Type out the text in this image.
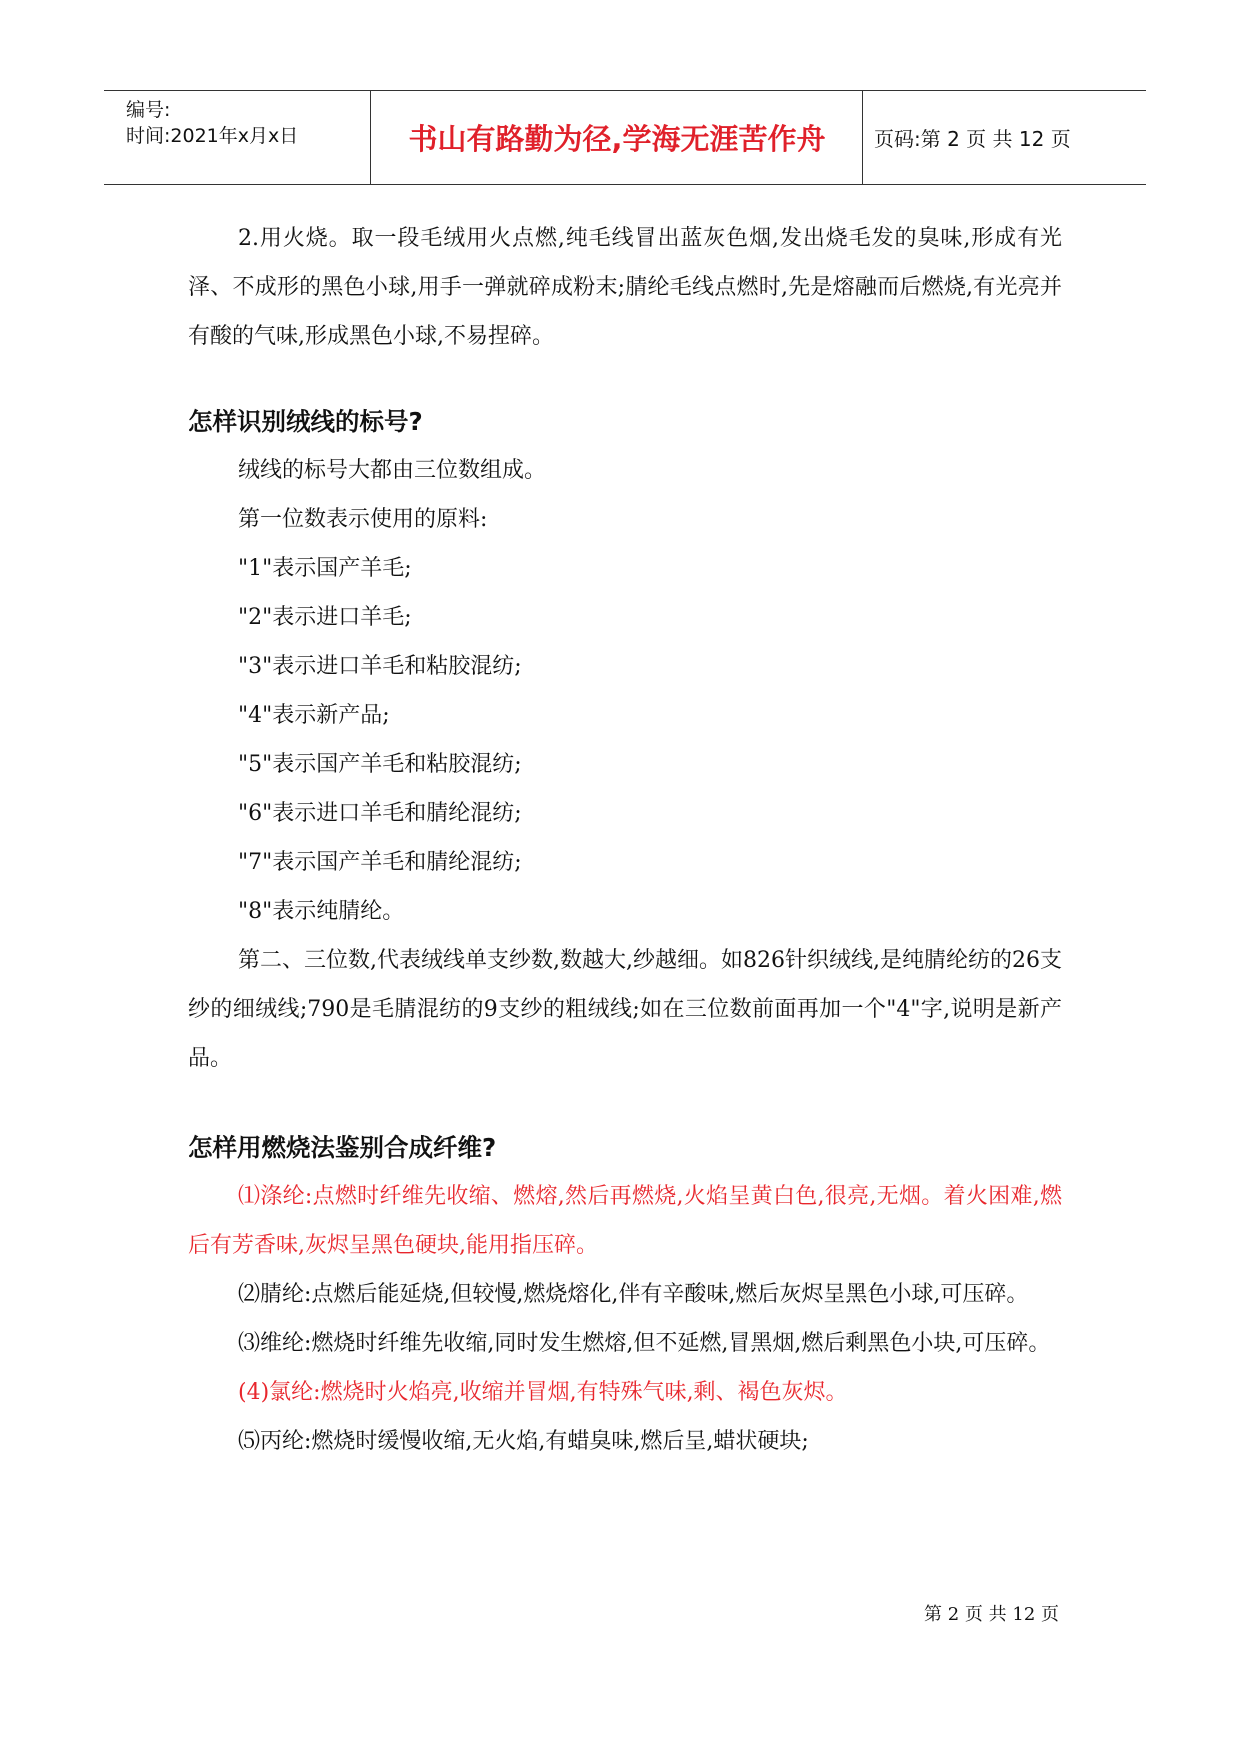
编号:
时间:2021年x月x日	书山有路勤为径,学海无涯苦作舟	页码:第 2 页 共 12 页

2.用火烧。取一段毛绒用火点燃,纯毛线冒出蓝灰色烟,发出烧毛发的臭味,形成有光泽、不成形的黑色小球,用手一弹就碎成粉末;腈纶毛线点燃时,先是熔融而后燃烧,有光亮并有酸的气味,形成黑色小球,不易捏碎。

怎样识别绒线的标号?

绒线的标号大都由三位数组成。

第一位数表示使用的原料:

"1"表示国产羊毛;

"2"表示进口羊毛;

"3"表示进口羊毛和粘胶混纺;

"4"表示新产品;

"5"表示国产羊毛和粘胶混纺;

"6"表示进口羊毛和腈纶混纺;

"7"表示国产羊毛和腈纶混纺;

"8"表示纯腈纶。

第二、三位数,代表绒线单支纱数,数越大,纱越细。如826针织绒线,是纯腈纶纺的26支纱的细绒线;790是毛腈混纺的9支纱的粗绒线;如在三位数前面再加一个"4"字,说明是新产品。

怎样用燃烧法鉴别合成纤维?

⑴涤纶:点燃时纤维先收缩、燃熔,然后再燃烧,火焰呈黄白色,很亮,无烟。着火困难,燃后有芳香味,灰烬呈黑色硬块,能用指压碎。

⑵腈纶:点燃后能延烧,但较慢,燃烧熔化,伴有辛酸味,燃后灰烬呈黑色小球,可压碎。

⑶维纶:燃烧时纤维先收缩,同时发生燃熔,但不延燃,冒黑烟,燃后剩黑色小块,可压碎。

(4)氯纶:燃烧时火焰亮,收缩并冒烟,有特殊气味,剩、褐色灰烬。

⑸丙纶:燃烧时缓慢收缩,无火焰,有蜡臭味,燃后呈,蜡状硬块;

第 2 页 共 12 页
